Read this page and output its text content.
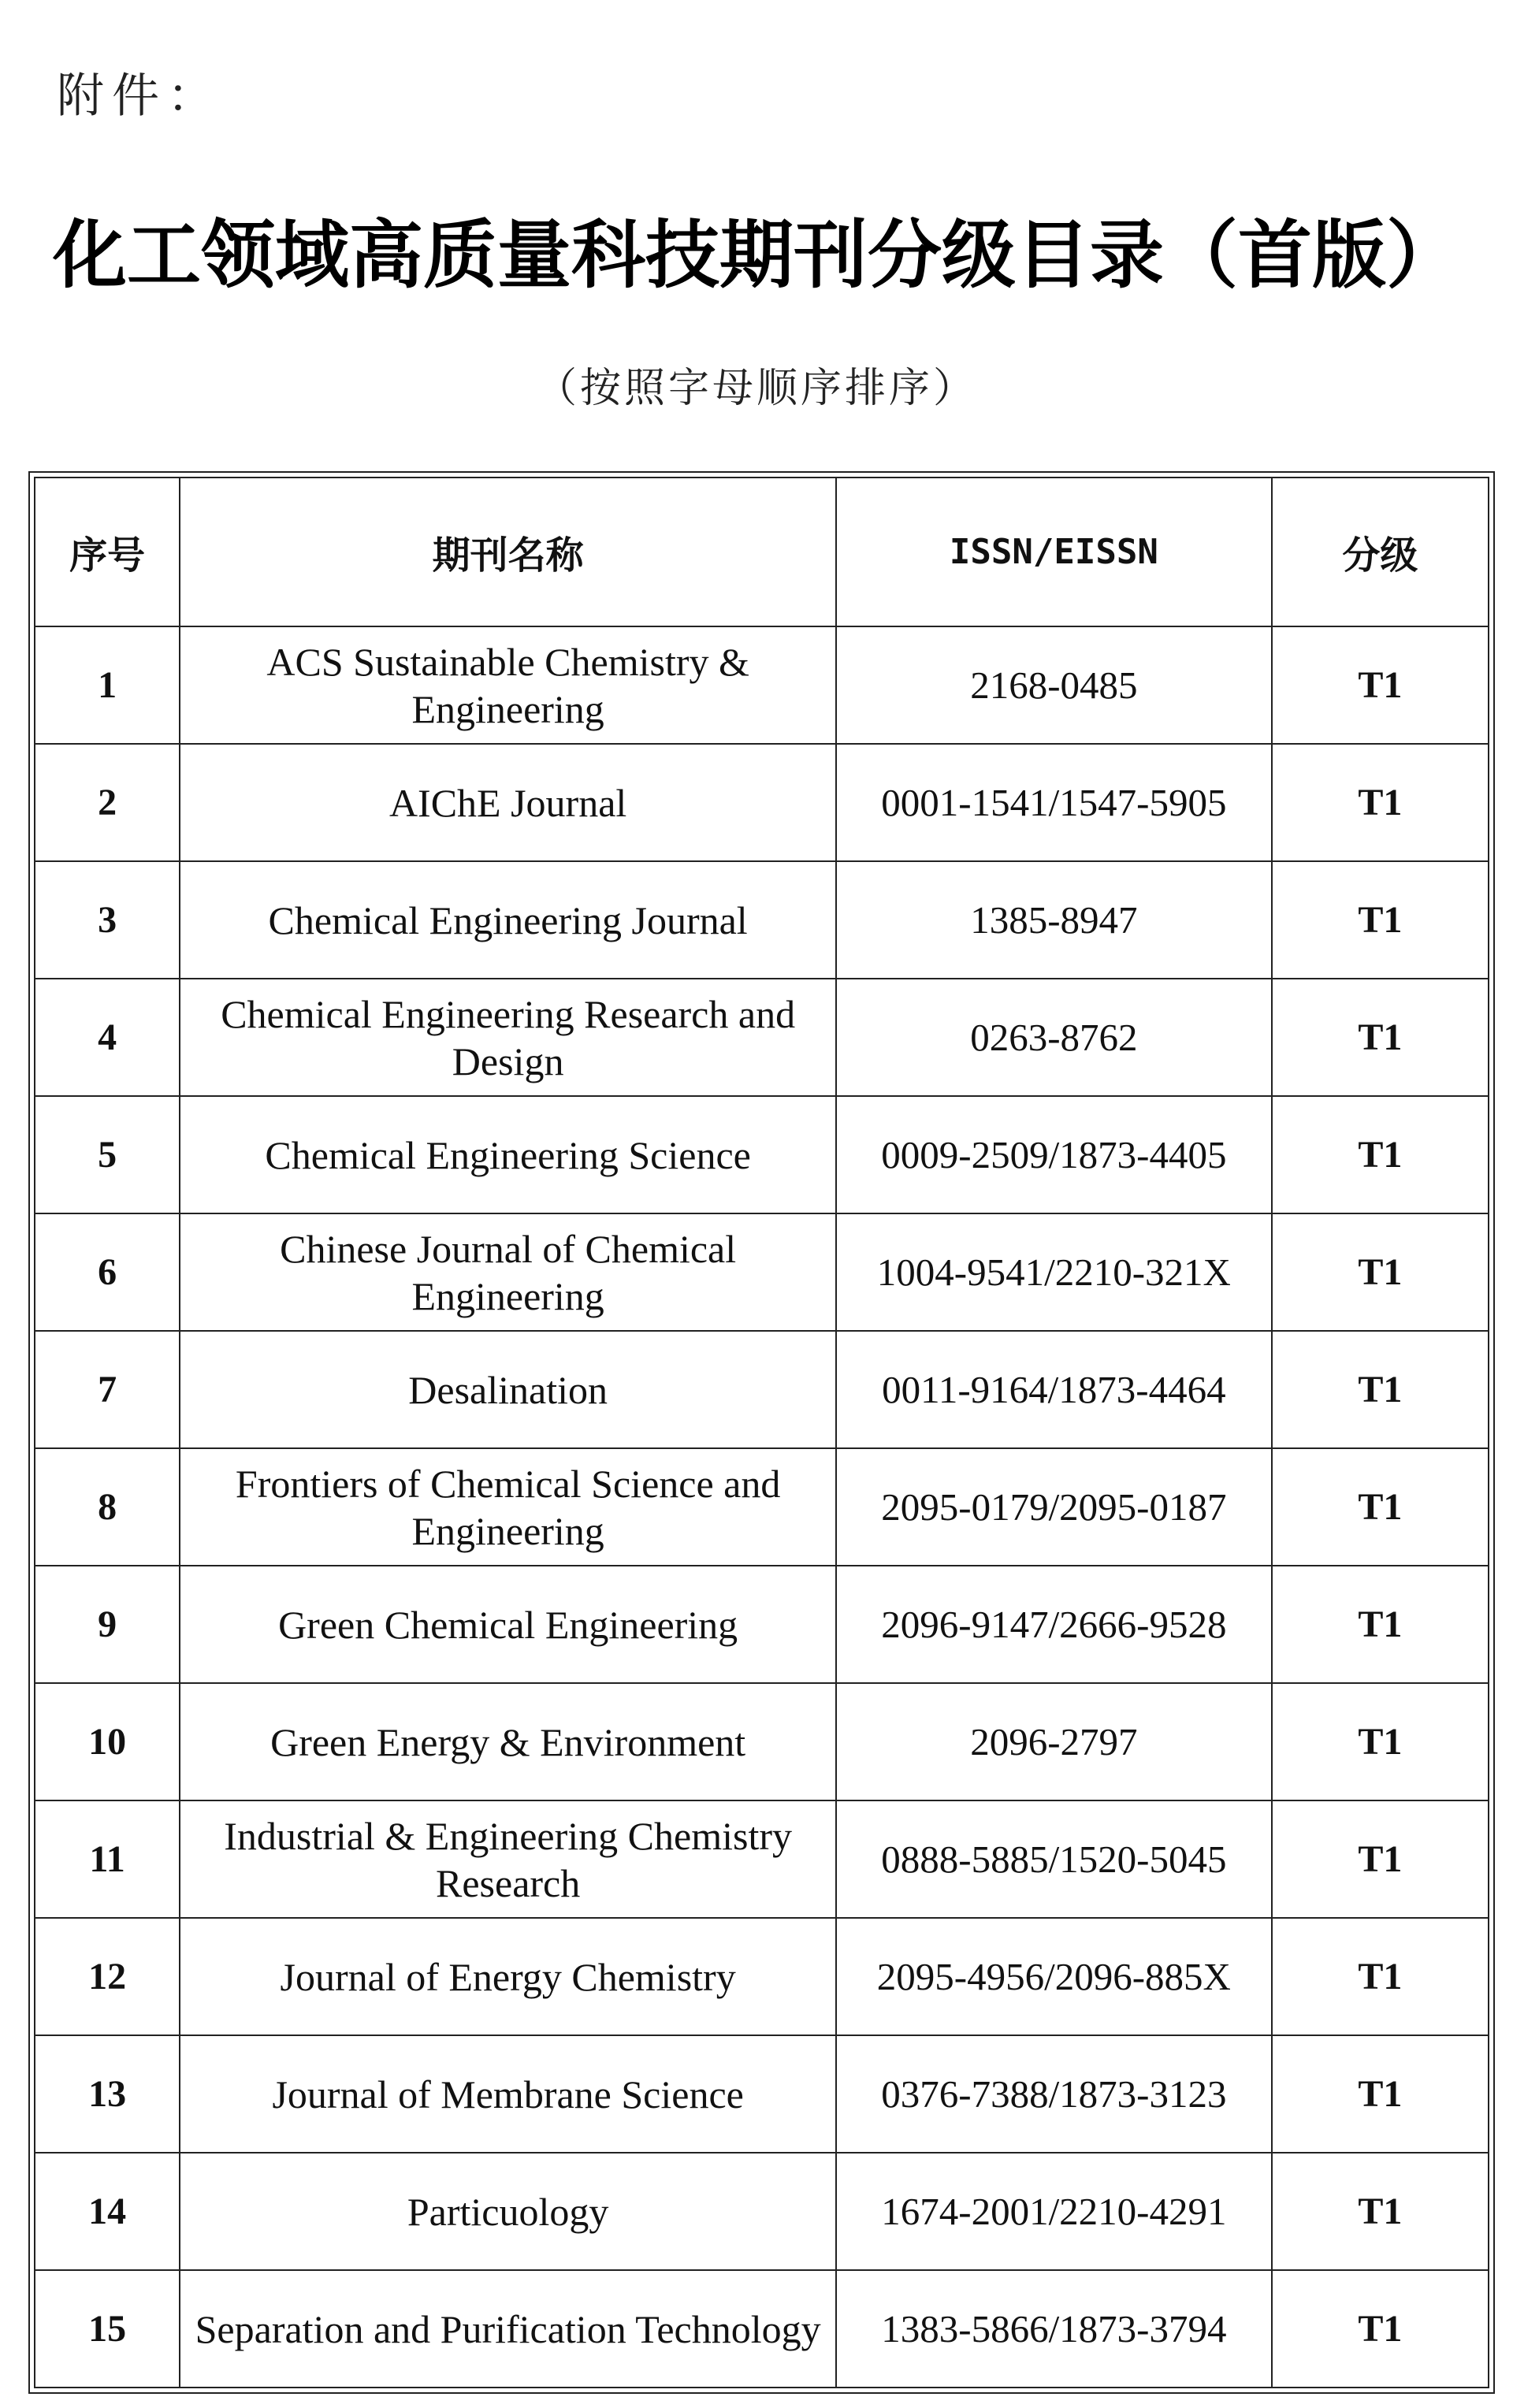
附件：
化工领域高质量科技期刊分级目录（首版）
（按照字母顺序排序）
序号	期刊名称	ISSN/EISSN	分级
1	ACS Sustainable Chemistry & Engineering	2168-0485	T1
2	AIChE Journal	0001-1541/1547-5905	T1
3	Chemical Engineering Journal	1385-8947	T1
4	Chemical Engineering Research and Design	0263-8762	T1
5	Chemical Engineering Science	0009-2509/1873-4405	T1
6	Chinese Journal of Chemical Engineering	1004-9541/2210-321X	T1
7	Desalination	0011-9164/1873-4464	T1
8	Frontiers of Chemical Science and Engineering	2095-0179/2095-0187	T1
9	Green Chemical Engineering	2096-9147/2666-9528	T1
10	Green Energy & Environment	2096-2797	T1
11	Industrial & Engineering Chemistry Research	0888-5885/1520-5045	T1
12	Journal of Energy Chemistry	2095-4956/2096-885X	T1
13	Journal of Membrane Science	0376-7388/1873-3123	T1
14	Particuology	1674-2001/2210-4291	T1
15	Separation and Purification Technology	1383-5866/1873-3794	T1
